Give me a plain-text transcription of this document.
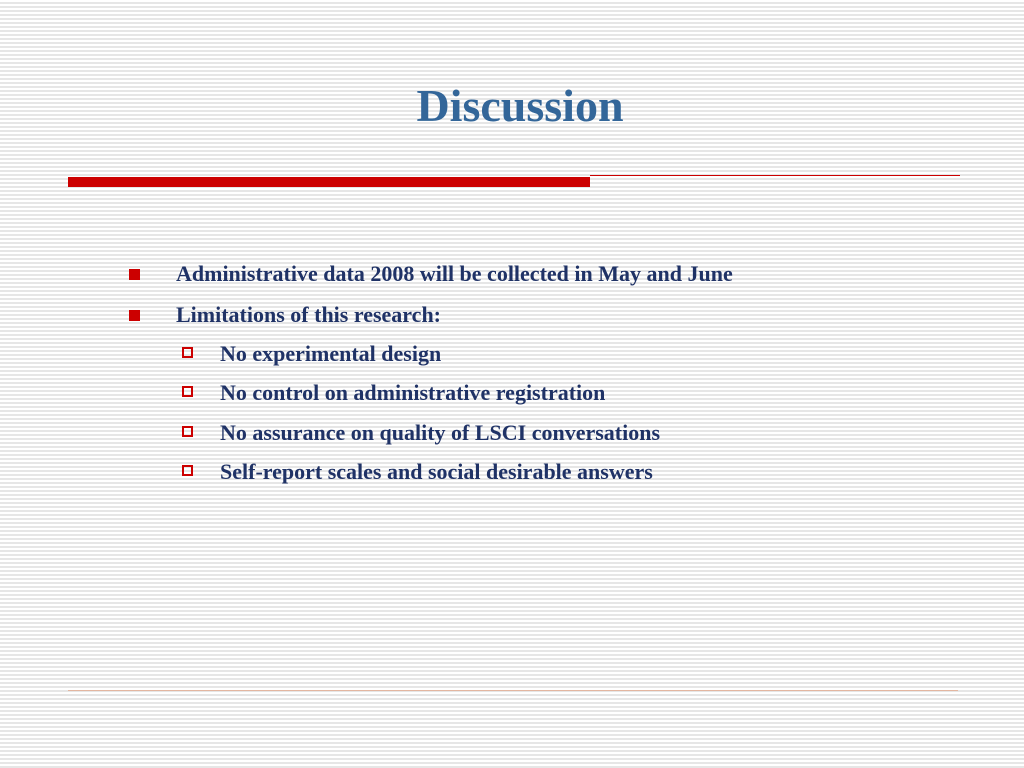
Discussion
Administrative data 2008 will be collected in May and June
Limitations of this research:
No experimental design
No control on administrative registration
No assurance on quality of LSCI conversations
Self-report scales and social desirable answers
